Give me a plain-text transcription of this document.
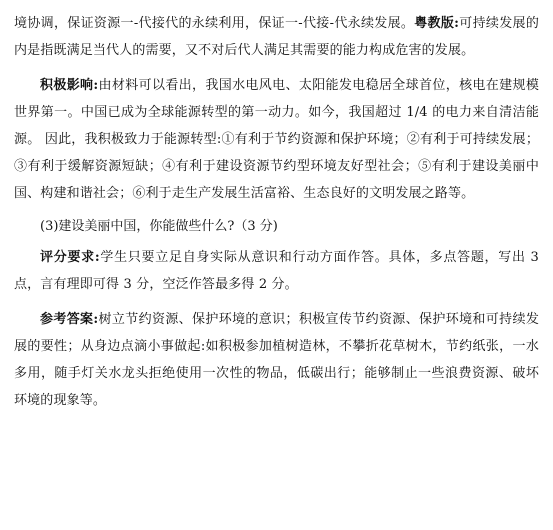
境协调，保证资源一-代接代的永续利用，保证一-代接-代永续发展。粤教版:可持续发展的内是指既满足当代人的需要，又不对后代人满足其需要的能力构成危害的发展。

积极影响:由材料可以看出，我国水电风电、太阳能发电稳居全球首位，核电在建规模世界第一。中国已成为全球能源转型的第一动力。如今，我国超过 1/4 的电力来自清洁能源。 因此，我积极致力于能源转型:①有利于节约资源和保护环境；②有利于可持续发展；③有利于缓解资源短缺；④有利于建设资源节约型环境友好型社会；⑤有利于建设美丽中国、构建和谐社会；⑥利于走生产发展生活富裕、生态良好的文明发展之路等。

(3)建设美丽中国，你能做些什么?（3 分)

评分要求:学生只要立足自身实际从意识和行动方面作答。具体，多点答题，写出 3 点，言有理即可得 3 分，空泛作答最多得 2 分。

参考答案:树立节约资源、保护环境的意识；积极宣传节约资源、保护环境和可持续发展的要性；从身边点滴小事做起:如积极参加植树造林，不攀折花草树木，节约纸张，一水多用，随手灯关水龙头拒绝使用一次性的物品，低碳出行；能够制止一些浪费资源、破坏环境的现象等。
